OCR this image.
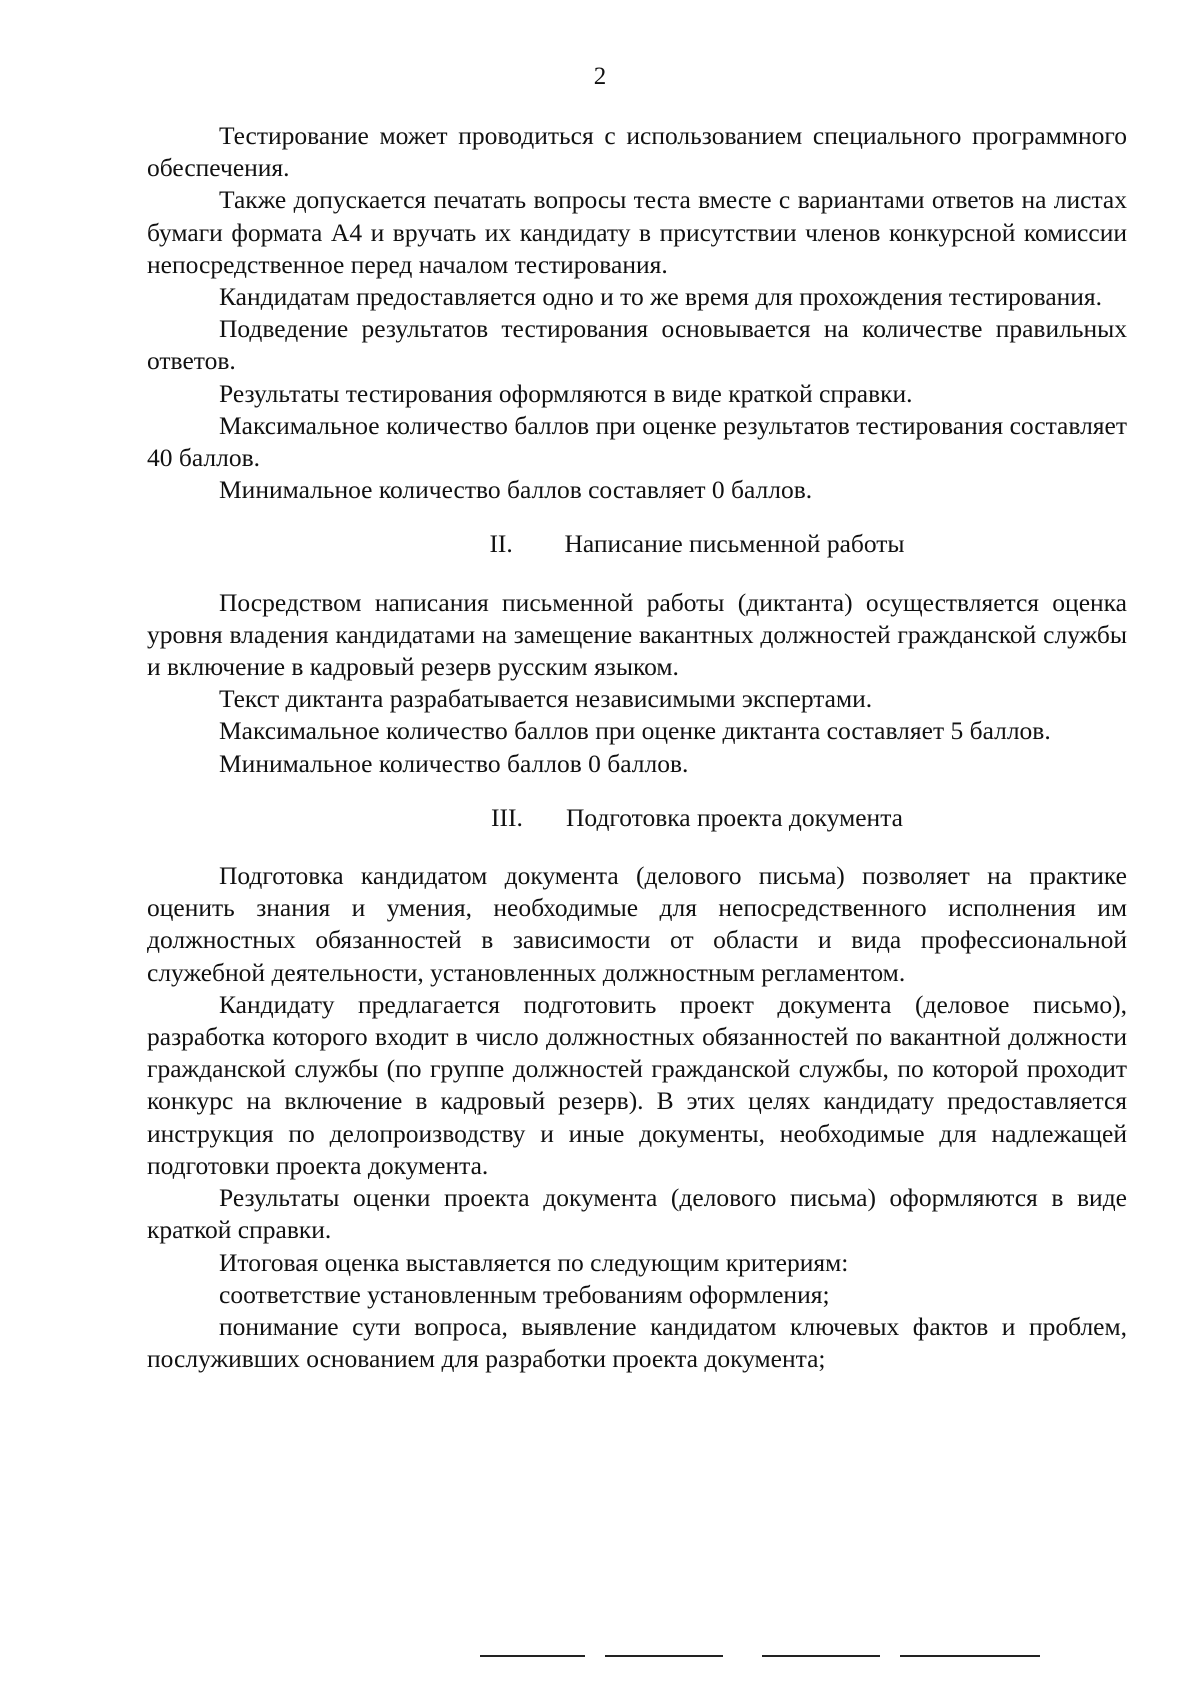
2

Тестирование может проводиться с использованием специального программного обеспечения.

Также допускается печатать вопросы теста вместе с вариантами ответов на листах бумаги формата А4 и вручать их кандидату в присутствии членов конкурсной комиссии непосредственное перед началом тестирования.

Кандидатам предоставляется одно и то же время для прохождения тестирования.

Подведение результатов тестирования основывается на количестве правильных ответов.

Результаты тестирования оформляются в виде краткой справки.

Максимальное количество баллов при оценке результатов тестирования составляет 40 баллов.

Минимальное количество баллов составляет 0 баллов.

II. Написание письменной работы

Посредством написания письменной работы (диктанта) осуществляется оценка уровня владения кандидатами на замещение вакантных должностей гражданской службы и включение в кадровый резерв русским языком.

Текст диктанта разрабатывается независимыми экспертами.

Максимальное количество баллов при оценке диктанта составляет 5 баллов.

Минимальное количество баллов 0 баллов.

III. Подготовка проекта документа

Подготовка кандидатом документа (делового письма) позволяет на практике оценить знания и умения, необходимые для непосредственного исполнения им должностных обязанностей в зависимости от области и вида профессиональной служебной деятельности, установленных должностным регламентом.

Кандидату предлагается подготовить проект документа (деловое письмо), разработка которого входит в число должностных обязанностей по вакантной должности гражданской службы (по группе должностей гражданской службы, по которой проходит конкурс на включение в кадровый резерв). В этих целях кандидату предоставляется инструкция по делопроизводству и иные документы, необходимые для надлежащей подготовки проекта документа.

Результаты оценки проекта документа (делового письма) оформляются в виде краткой справки.

Итоговая оценка выставляется по следующим критериям:

соответствие установленным требованиям оформления;

понимание сути вопроса, выявление кандидатом ключевых фактов и проблем, послуживших основанием для разработки проекта документа;
